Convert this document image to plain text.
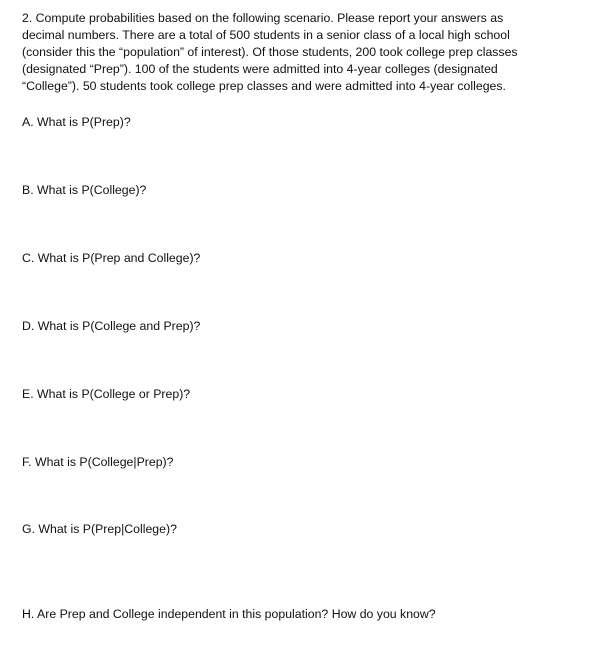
2. Compute probabilities based on the following scenario. Please report your answers as
decimal numbers. There are a total of 500 students in a senior class of a local high school
(consider this the “population” of interest). Of those students, 200 took college prep classes
(designated “Prep”). 100 of the students were admitted into 4-year colleges (designated
“College”). 50 students took college prep classes and were admitted into 4-year colleges.

A. What is P(Prep)?

B. What is P(College)?

C. What is P(Prep and College)?

D. What is P(College and Prep)?

E. What is P(College or Prep)?

F. What is P(College|Prep)?

G. What is P(Prep|College)?

H. Are Prep and College independent in this population? How do you know?
